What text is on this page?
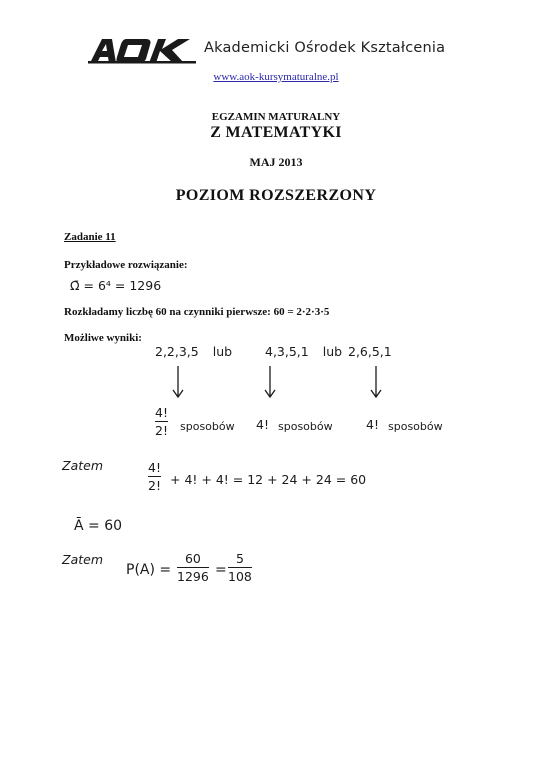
Akademicki Ośrodek Kształcenia
www.aok-kursymaturalne.pl
EGZAMIN MATURALNY
Z MATEMATYKI
MAJ 2013
POZIOM ROZSZERZONY
Zadanie 11
Przykładowe rozwiązanie:
Ω̄ = 6⁴ = 1296
Rozkładamy liczbę 60 na czynniki pierwsze: 60 = 2·2·3·5
Możliwe wyniki:
2,2,3,5 lub	4,3,5,1 lub 2,6,5,1
4!
2! sposobów 4! sposobów	4! sposobów
Zatem	4!
2! + 4! + 4! = 12 + 24 + 24 = 60
Ā = 60
Zatem
P(A) =
60
1296 =
5
108
